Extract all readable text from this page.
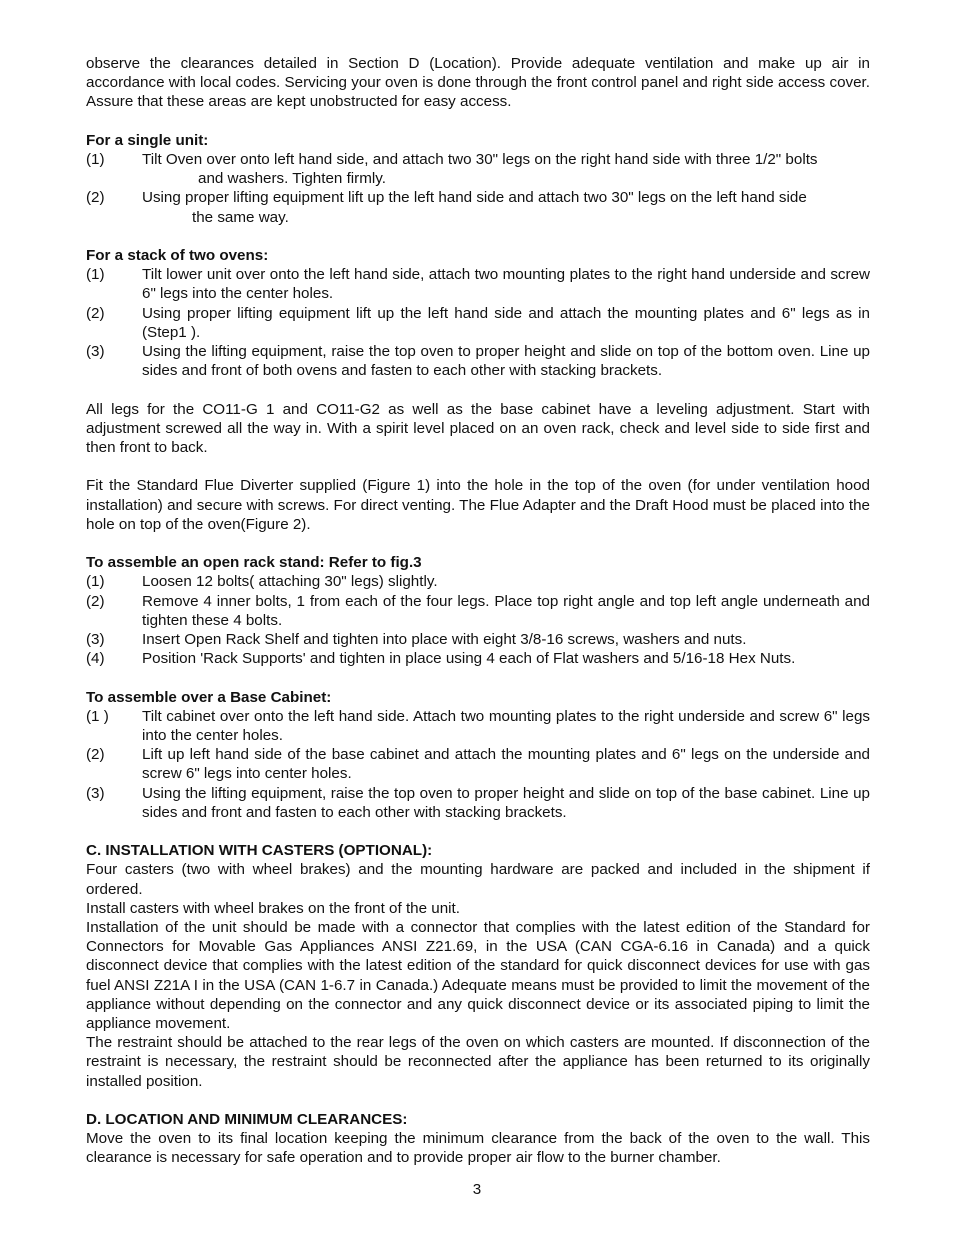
observe the clearances detailed in Section D (Location). Provide adequate ventilation and make up air in accordance with local codes. Servicing your oven is done through the front control panel and right side access cover. Assure that these areas are kept unobstructed for easy access.

For a single unit:

(1)	Tilt Oven over onto left hand side, and attach two 30" legs on the right hand side with three 1/2" bolts
and washers. Tighten firmly.
(2)	Using proper lifting equipment lift up the left hand side and attach two 30" legs on the left hand side
the same way.

For a stack of two ovens:

(1)	Tilt lower unit over onto the left hand side, attach two mounting plates to the right hand underside and screw 6" legs into the center holes.
(2)	Using proper lifting equipment lift up the left hand side and attach the mounting plates and 6" legs as in (Step1 ).
(3)	Using the lifting equipment, raise the top oven to proper height and slide on top of the bottom oven. Line up sides and front of both ovens and fasten to each other with stacking brackets.

All legs for the CO11-G 1 and CO11-G2 as well as the base cabinet have a leveling adjustment. Start with adjustment screwed all the way in. With a spirit level placed on an oven rack, check and level side to side first and then front to back.

Fit the Standard Flue Diverter supplied (Figure 1) into the hole in the top of the oven (for under ventilation hood installation) and secure with screws. For direct venting. The Flue Adapter and the Draft Hood must be placed into the hole on top of the oven(Figure 2).

To assemble an open rack stand: Refer to fig.3

(1)	Loosen 12 bolts( attaching 30" legs) slightly.
(2)	Remove 4 inner bolts, 1 from each of the four legs. Place top right angle and top left angle underneath and tighten these 4 bolts.
(3)	Insert Open Rack Shelf and tighten into place with eight 3/8-16 screws, washers and nuts.
(4)	Position 'Rack Supports' and tighten in place using 4 each of Flat washers and 5/16-18 Hex Nuts.

To assemble over a Base Cabinet:

(1 )	Tilt cabinet over onto the left hand side. Attach two mounting plates to the right underside and screw 6" legs into the center holes.
(2)	Lift up left hand side of the base cabinet and attach the mounting plates and 6" legs on the underside and screw 6" legs into center holes.
(3)	Using the lifting equipment, raise the top oven to proper height and slide on top of the base cabinet. Line up sides and front and fasten to each other with stacking brackets.

C. INSTALLATION WITH CASTERS (OPTIONAL):

Four casters (two with wheel brakes) and the mounting hardware are packed and included in the shipment if ordered.

Install casters with wheel brakes on the front of the unit.

Installation of the unit should be made with a connector that complies with the latest edition of the Standard for Connectors for Movable Gas Appliances ANSI Z21.69, in the USA (CAN CGA-6.16 in Canada) and a quick disconnect device that complies with the latest edition of the standard for quick disconnect devices for use with gas fuel ANSI Z21A I in the USA (CAN 1-6.7 in Canada.) Adequate means must be provided to limit the movement of the appliance without depending on the connector and any quick disconnect device or its associated piping to limit the appliance movement.

The restraint should be attached to the rear legs of the oven on which casters are mounted. If disconnection of the restraint is necessary, the restraint should be reconnected after the appliance has been returned to its originally installed position.

D. LOCATION AND MINIMUM CLEARANCES:

Move the oven to its final location keeping the minimum clearance from the back of the oven to the wall. This clearance is necessary for safe operation and to provide proper air flow to the burner chamber.

3
